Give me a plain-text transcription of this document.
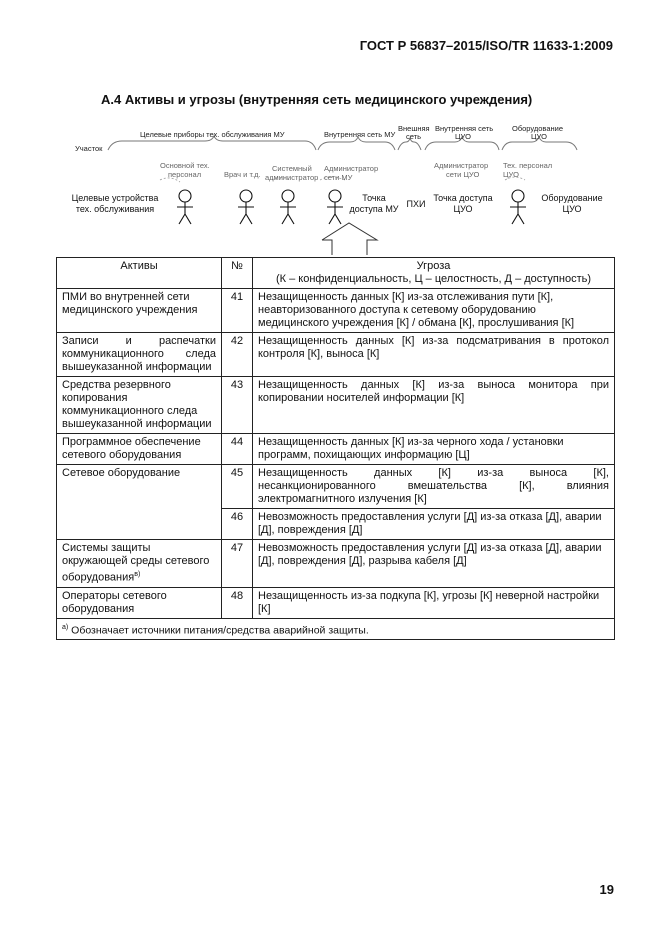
ГОСТ Р 56837–2015/ISO/TR 11633-1:2009
А.4 Активы и угрозы (внутренняя сеть медицинского учреждения)
Участок
Целевые приборы тех. обслуживания МУ	Внутренняя сеть МУ
Внешняя
сеть
Внутренняя сеть
ЦУО
Оборудование
ЦУО
Основной тех.
персонал	Врач и т.д.
Системный
администратор
Администратор
сети МУ
Администратор
сети ЦУО
Тех. персонал
ЦУО
Целевые устройства
тех. обслуживания
Точка
доступа МУ ПХИ
Точка доступа
ЦУО
Оборудование
ЦУО
Активы	№	Угроза
(К – конфиденциальность, Ц – целостность, Д – доступность)

ПМИ во внутренней сети медицинского учреждения	41	Незащищенность данных [К] из-за отслеживания пути [К], неавторизованного доступа к сетевому оборудованию медицинского учреждения [К] / обмана [К], прослушивания [К]
Записи и распечатки коммуникационного следа вышеуказанной информации	42	Незащищенность данных [К] из-за подсматривания в протокол контроля [К], выноса [К]
Средства резервного копирования коммуникационного следа вышеуказанной информации	43	Незащищенность данных [К] из-за выноса монитора при копировании носителей информации [К]
Программное обеспечение сетевого оборудования	44	Незащищенность данных [К] из-за черного хода / установки программ, похищающих информацию [Ц]
Сетевое оборудование	45	Незащищенность данных [К] из-за выноса [К], несанкционированного вмешательства [К], влияния электромагнитного излучения [К]
	46	Невозможность предоставления услуги [Д] из-за отказа [Д], аварии [Д], повреждения [Д]
Системы защиты окружающей среды сетевого оборудования$^{в)}$	47	Невозможность предоставления услуги [Д] из-за отказа [Д], аварии [Д], повреждения [Д], разрыва кабеля [Д]
Операторы сетевого оборудования	48	Незащищенность из-за подкупа [К], угрозы [К] неверной настройки [К]
$^{а)}$ Обозначает источники питания/средства аварийной защиты.		
19
